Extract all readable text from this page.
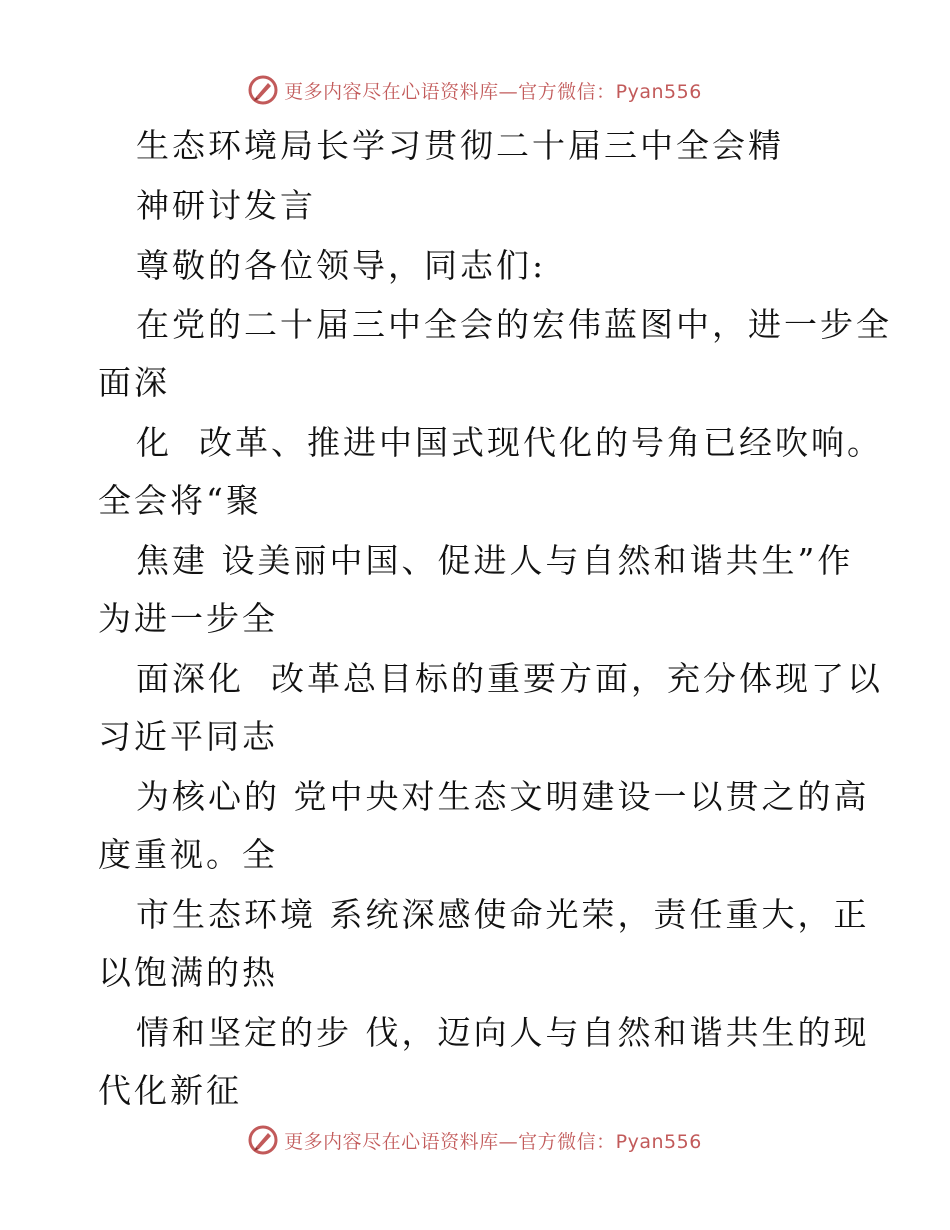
更多内容尽在心语资料库—官方微信：Pyan556
生态环境局长学习贯彻二十届三中全会精
神研讨发言
尊敬的各位领导，同志们:
在党的二十届三中全会的宏伟蓝图中，进一步全
面深
化  改革、推进中国式现代化的号角已经吹响。
全会将“聚
焦建 设美丽中国、促进人与自然和谐共生”作
为进一步全
面深化  改革总目标的重要方面，充分体现了以
习近平同志
为核心的 党中央对生态文明建设一以贯之的高
度重视。全
市生态环境 系统深感使命光荣，责任重大，正
以饱满的热
情和坚定的步 伐，迈向人与自然和谐共生的现
代化新征
更多内容尽在心语资料库—官方微信：Pyan556
